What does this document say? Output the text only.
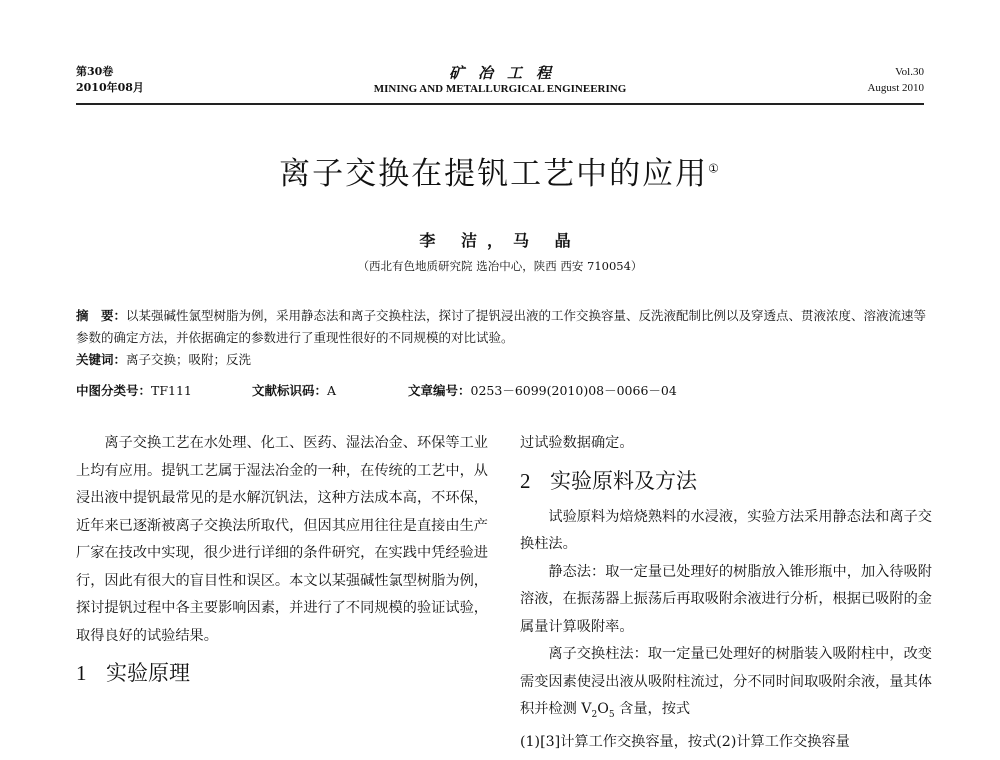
第30卷
2010年08月
矿冶工程
MINING AND METALLURGICAL ENGINEERING
Vol.30
August 2010
离子交换在提钒工艺中的应用①
李 洁，马 晶
（西北有色地质研究院 选冶中心，陕西 西安 710054）

摘　要：以某强碱性氯型树脂为例，采用静态法和离子交换柱法，探讨了提钒浸出液的工作交换容量、反洗液配制比例以及穿透点、贯液浓度、溶液流速等参数的确定方法，并依据确定的参数进行了重现性很好的不同规模的对比试验。

关键词：离子交换；吸附；反洗

中图分类号：TF111	文献标识码：A	文章编号：0253－6099(2010)08－0066－04

离子交换工艺在水处理、化工、医药、湿法冶金、环保等工业上均有应用。提钒工艺属于湿法冶金的一种，在传统的工艺中，从浸出液中提钒最常见的是水解沉钒法，这种方法成本高，不环保，近年来已逐渐被离子交换法所取代，但因其应用往往是直接由生产厂家在技改中实现，很少进行详细的条件研究，在实践中凭经验进行，因此有很大的盲目性和误区。本文以某强碱性氯型树脂为例，探讨提钒过程中各主要影响因素，并进行了不同规模的验证试验，取得良好的试验结果。

1 实验原理

过试验数据确定。

2 实验原料及方法

试验原料为焙烧熟料的水浸液，实验方法采用静态法和离子交换柱法。

静态法：取一定量已处理好的树脂放入锥形瓶中，加入待吸附溶液，在振荡器上振荡后再取吸附余液进行分析，根据已吸附的金属量计算吸附率。

离子交换柱法：取一定量已处理好的树脂装入吸附柱中，改变需变因素使浸出液从吸附柱流过，分不同时间取吸附余液，量其体积并检测 $V_2O_5$ 含量，按式

(1)[3]计算工作交换容量，按式(2)计算工作交换容量
